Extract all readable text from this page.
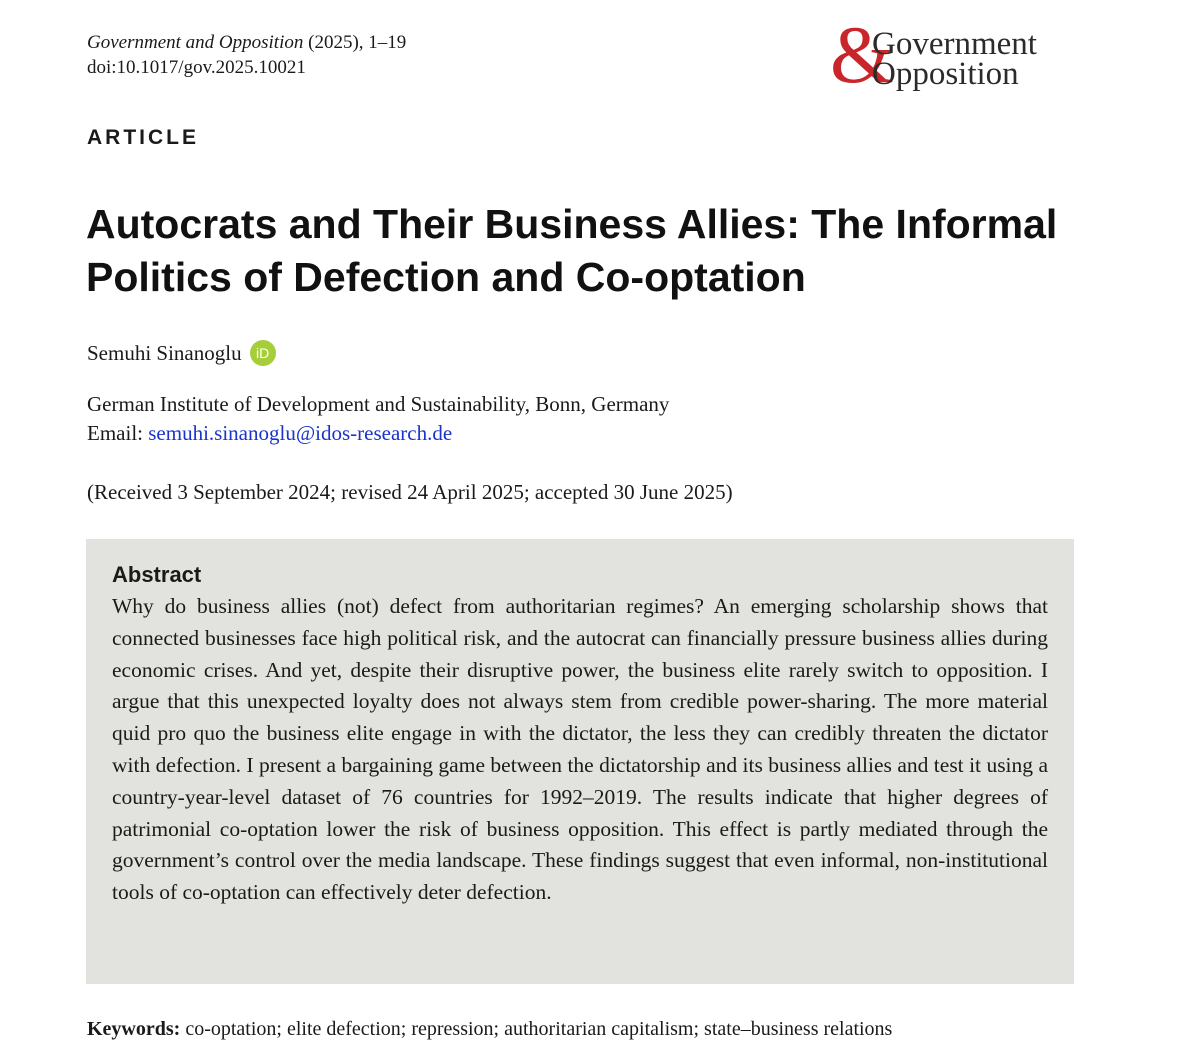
Government and Opposition (2025), 1–19
doi:10.1017/gov.2025.10021	&
Government
Opposition
ARTICLE
Autocrats and Their Business Allies: The Informal Politics of Defection and Co-optation
Semuhi Sinanoglu	iD
German Institute of Development and Sustainability, Bonn, Germany
Email: semuhi.sinanoglu@idos-research.de
(Received 3 September 2024; revised 24 April 2025; accepted 30 June 2025)
Abstract

Why do business allies (not) defect from authoritarian regimes? An emerging scholarship shows that connected businesses face high political risk, and the autocrat can financially pressure business allies during economic crises. And yet, despite their disruptive power, the business elite rarely switch to opposition. I argue that this unexpected loyalty does not always stem from credible power-sharing. The more material quid pro quo the business elite engage in with the dictator, the less they can credibly threaten the dictator with defection. I present a bargaining game between the dictatorship and its business allies and test it using a country-year-level dataset of 76 countries for 1992–2019. The results indicate that higher degrees of patrimonial co-optation lower the risk of business opposition. This effect is partly mediated through the government’s control over the media landscape. These findings suggest that even informal, non-institutional tools of co-optation can effectively deter defection.

Keywords: co-optation; elite defection; repression; authoritarian capitalism; state–business relations
